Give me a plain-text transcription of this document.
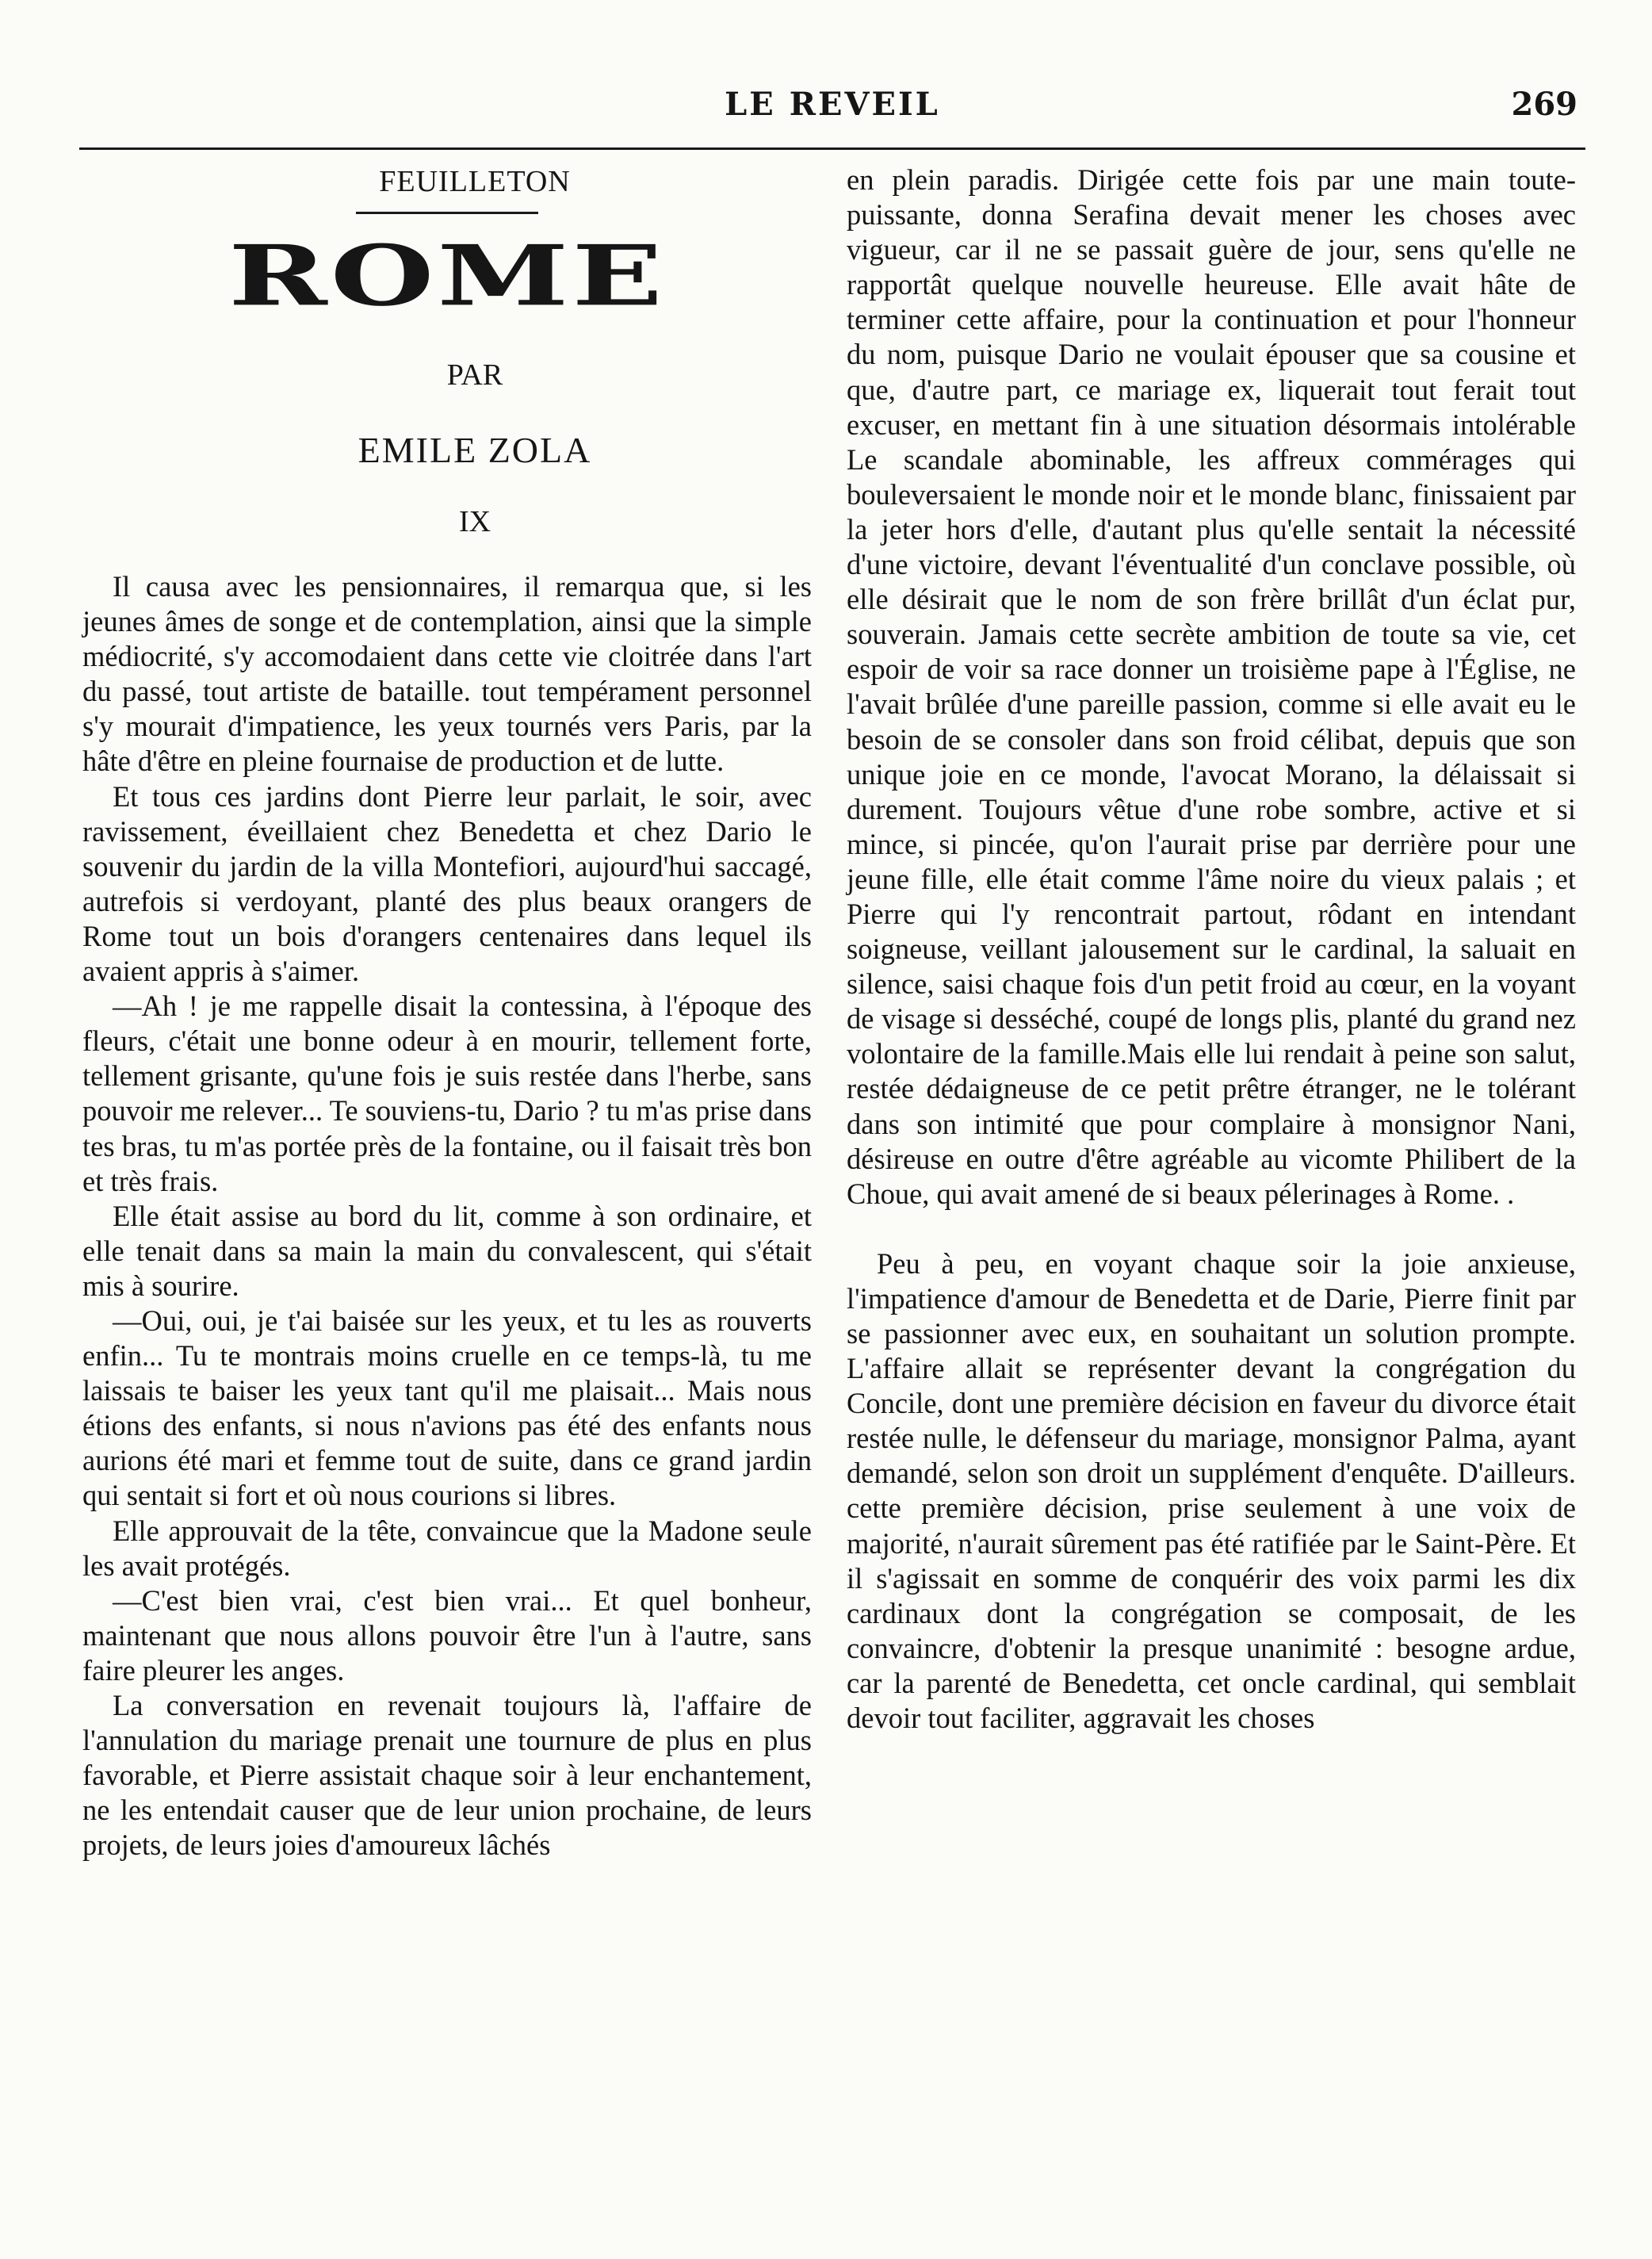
LE REVEIL	269
FEUILLETON
ROME
PAR
EMILE ZOLA
IX

Il causa avec les pensionnaires, il remarqua que, si les jeunes âmes de songe et de contemplation, ainsi que la simple médiocrité, s'y accomodaient dans cette vie cloitrée dans l'art du passé, tout artiste de bataille. tout tempérament personnel s'y mourait d'impatience, les yeux tournés vers Paris, par la hâte d'être en pleine fournaise de production et de lutte.

Et tous ces jardins dont Pierre leur parlait, le soir, avec ravissement, éveillaient chez Benedetta et chez Dario le souvenir du jardin de la villa Montefiori, aujourd'hui saccagé, autrefois si verdoyant, planté des plus beaux orangers de Rome tout un bois d'orangers centenaires dans lequel ils avaient appris à s'aimer.

—Ah ! je me rappelle disait la contessina, à l'époque des fleurs, c'était une bonne odeur à en mourir, tellement forte, tellement grisante, qu'une fois je suis restée dans l'herbe, sans pouvoir me relever... Te souviens-tu, Dario ? tu m'as prise dans tes bras, tu m'as portée près de la fontaine, ou il faisait très bon et très frais.

Elle était assise au bord du lit, comme à son ordinaire, et elle tenait dans sa main la main du convalescent, qui s'était mis à sourire.

—Oui, oui, je t'ai baisée sur les yeux, et tu les as rouverts enfin... Tu te montrais moins cruelle en ce temps-là, tu me laissais te baiser les yeux tant qu'il me plaisait... Mais nous étions des enfants, si nous n'avions pas été des enfants nous aurions été mari et femme tout de suite, dans ce grand jardin qui sentait si fort et où nous courions si libres.

Elle approuvait de la tête, convaincue que la Madone seule les avait protégés.

—C'est bien vrai, c'est bien vrai... Et quel bonheur, maintenant que nous allons pouvoir être l'un à l'autre, sans faire pleurer les anges.

La conversation en revenait toujours là, l'affaire de l'annulation du mariage prenait une tournure de plus en plus favorable, et Pierre assistait chaque soir à leur enchantement, ne les entendait causer que de leur union prochaine, de leurs projets, de leurs joies d'amoureux lâchés

en plein paradis. Dirigée cette fois par une main toute-puissante, donna Serafina devait mener les choses avec vigueur, car il ne se passait guère de jour, sens qu'elle ne rapportât quelque nouvelle heureuse. Elle avait hâte de terminer cette affaire, pour la continuation et pour l'honneur du nom, puisque Dario ne voulait épouser que sa cousine et que, d'autre part, ce mariage ex, liquerait tout ferait tout excuser, en mettant fin à une situation désormais intolérable Le scandale abominable, les affreux commérages qui bouleversaient le monde noir et le monde blanc, finissaient par la jeter hors d'elle, d'autant plus qu'elle sentait la nécessité d'une victoire, devant l'éventualité d'un conclave possible, où elle désirait que le nom de son frère brillât d'un éclat pur, souverain. Jamais cette secrète ambition de toute sa vie, cet espoir de voir sa race donner un troisième pape à l'Église, ne l'avait brûlée d'une pareille passion, comme si elle avait eu le besoin de se consoler dans son froid célibat, depuis que son unique joie en ce monde, l'avocat Morano, la délaissait si durement. Toujours vêtue d'une robe sombre, active et si mince, si pincée, qu'on l'aurait prise par derrière pour une jeune fille, elle était comme l'âme noire du vieux palais ; et Pierre qui l'y rencontrait partout, rôdant en intendant soigneuse, veillant jalousement sur le cardinal, la saluait en silence, saisi chaque fois d'un petit froid au cœur, en la voyant de visage si desséché, coupé de longs plis, planté du grand nez volontaire de la famille.Mais elle lui rendait à peine son salut, restée dédaigneuse de ce petit prêtre étranger, ne le tolérant dans son intimité que pour complaire à monsignor Nani, désireuse en outre d'être agréable au vicomte Philibert de la Choue, qui avait amené de si beaux pélerinages à Rome. .

Peu à peu, en voyant chaque soir la joie anxieuse, l'impatience d'amour de Benedetta et de Darie, Pierre finit par se passionner avec eux, en souhaitant un solution prompte. L'affaire allait se représenter devant la congrégation du Concile, dont une première décision en faveur du divorce était restée nulle, le défenseur du mariage, monsignor Palma, ayant demandé, selon son droit un supplément d'enquête. D'ailleurs. cette première décision, prise seulement à une voix de majorité, n'aurait sûrement pas été ratifiée par le Saint-Père. Et il s'agissait en somme de conquérir des voix parmi les dix cardinaux dont la congrégation se composait, de les convaincre, d'obtenir la presque unanimité : besogne ardue, car la parenté de Benedetta, cet oncle cardinal, qui semblait devoir tout faciliter, aggravait les choses
